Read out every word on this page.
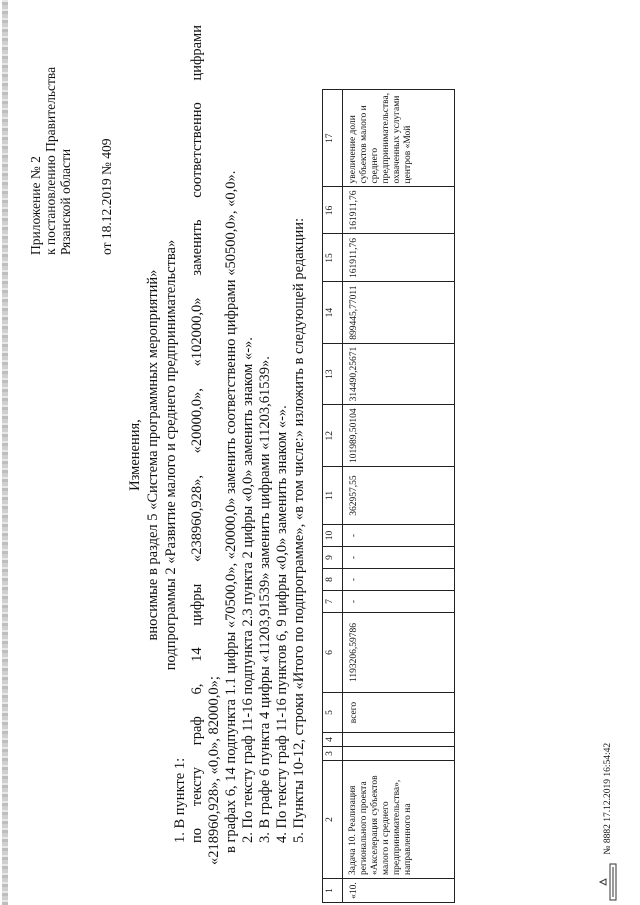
Приложение № 2 к постановлению Правительства Рязанской области от 18.12.2019 № 409
Изменения, вносимые в раздел 5 «Система программных мероприятий» подпрограммы 2 «Развитие малого и среднего предпринимательства»

1. В пункте 1: по тексту граф 6, 14 цифры «238960,928», «20000,0», «102000,0» заменить соответственно цифрами «218960,928», «0,0», 82000,0»; в графах 6, 14 подпункта 1.1 цифры «70500,0», «20000,0» заменить соответственно цифрами «50500,0», «0,0». 2. По тексту граф 11-16 подпункта 2.3 пункта 2 цифры «0,0» заменить знаком «-». 3. В графе 6 пункта 4 цифры «11203,91539» заменить цифрами «11203,61539». 4. По тексту граф 11-16 пунктов 6, 9 цифры «0,0» заменить знаком «-». 5. Пункты 10-12, строки «Итого по подпрограмме», «в том числе:» изложить в следующей редакции:

1	2	3	4	5	6	7	8	9	10	11	12	13	14	15	16	17
«10.	Задача 10. Реализация регионального проекта «Акселерация субъектов малого и среднего предпринимательства», направленного на			всего	1193206,59786	-	-	-	-	362957,55	101989,50104	314490,25671	899445,77011	161911,76	161911,76	увеличение доли субъектов малого и среднего предпринимательства, охваченных услугами центров «Мой
№ 8882 17.12.2019 16:54:42
